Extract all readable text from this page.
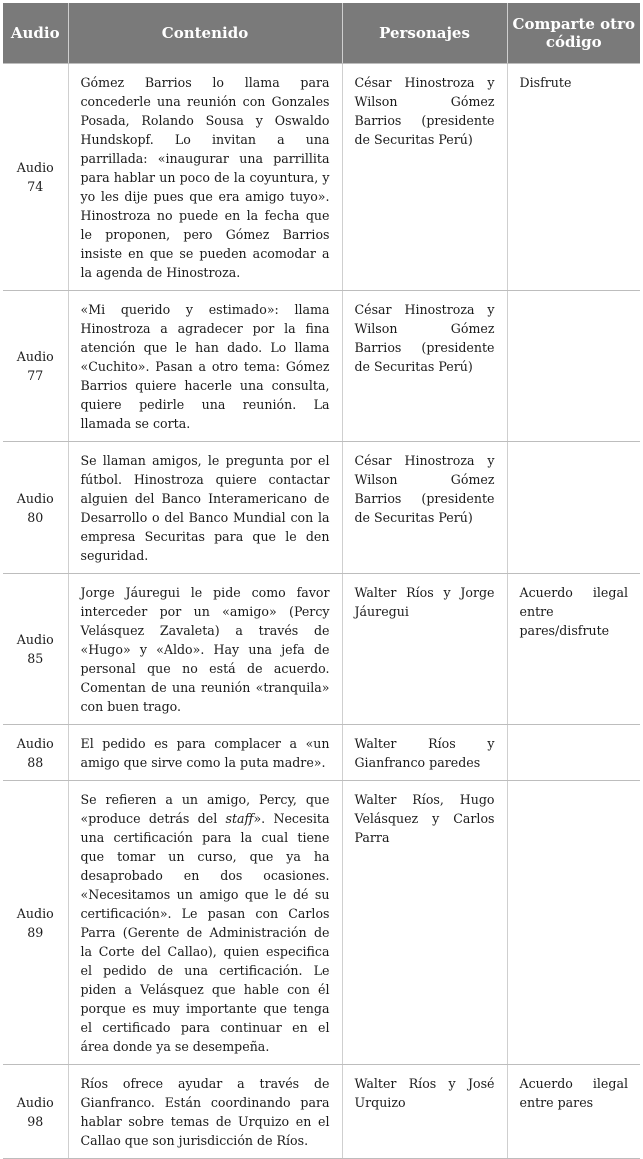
Audio	Contenido	Personajes	Comparte otro código
Audio
74	Gómez Barrios lo llama para concederle una reunión con Gonzales Posada, Rolando Sousa y Oswaldo Hundskopf. Lo invitan a una parrillada: «inaugurar una parrillita para hablar un poco de la coyuntura, y yo les dije pues que era amigo tuyo». Hinostroza no puede en la fecha que le proponen, pero Gómez Barrios insiste en que se pueden acomodar a la agenda de Hinostroza.	César Hinostroza y Wilson Gómez Barrios (presidente de Securitas Perú)	Disfrute
Audio
77	«Mi querido y estimado»: llama Hinostroza a agradecer por la fina atención que le han dado. Lo llama «Cuchito». Pasan a otro tema: Gómez Barrios quiere hacerle una consulta, quiere pedirle una reunión. La llamada se corta.	César Hinostroza y Wilson Gómez Barrios (presidente de Securitas Perú)	
Audio
80	Se llaman amigos, le pregunta por el fútbol. Hinostroza quiere contactar alguien del Banco Interamericano de Desarrollo o del Banco Mundial con la empresa Securitas para que le den seguridad.	César Hinostroza y Wilson Gómez Barrios (presidente de Securitas Perú)	
Audio
85	Jorge Jáuregui le pide como favor interceder por un «amigo» (Percy Velásquez Zavaleta) a través de «Hugo» y «Aldo». Hay una jefa de personal que no está de acuerdo. Comentan de una reunión «tranquila» con buen trago.	Walter Ríos y Jorge Jáuregui	Acuerdo ilegal entre pares/disfrute
Audio
88	El pedido es para complacer a «un amigo que sirve como la puta madre».	Walter Ríos y Gianfranco paredes	
Audio
89	Se refieren a un amigo, Percy, que «produce detrás del staff». Necesita una certificación para la cual tiene que tomar un curso, que ya ha desaprobado en dos ocasiones. «Necesitamos un amigo que le dé su certificación». Le pasan con Carlos Parra (Gerente de Administración de la Corte del Callao), quien especifica el pedido de una certificación. Le piden a Velásquez que hable con él porque es muy importante que tenga el certificado para continuar en el área donde ya se desempeña.	Walter Ríos, Hugo Velásquez y Carlos Parra	
Audio
98	Ríos ofrece ayudar a través de Gianfranco. Están coordinando para hablar sobre temas de Urquizo en el Callao que son jurisdicción de Ríos.	Walter Ríos y José Urquizo	Acuerdo ilegal entre pares
